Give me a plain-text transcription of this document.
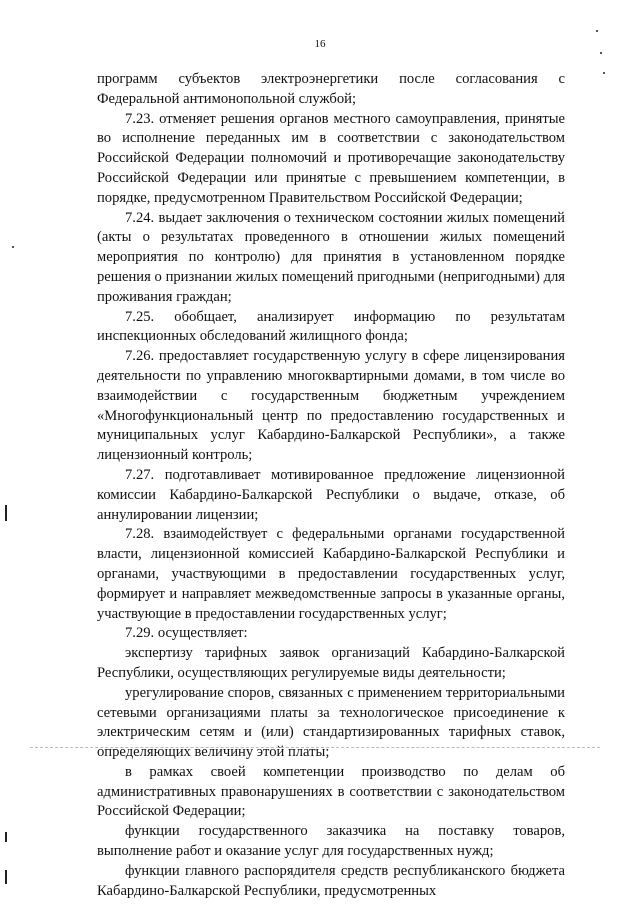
16

программ субъектов электроэнергетики после согласования с Федеральной антимонопольной службой;

7.23. отменяет решения органов местного самоуправления, принятые во исполнение переданных им в соответствии с законодательством Российской Федерации полномочий и противоречащие законодательству Российской Федерации или принятые с превышением компетенции, в порядке, предусмотренном Правительством Российской Федерации;

7.24. выдает заключения о техническом состоянии жилых помещений (акты о результатах проведенного в отношении жилых помещений мероприятия по контролю) для принятия в установленном порядке решения о признании жилых помещений пригодными (непригодными) для проживания граждан;

7.25. обобщает, анализирует информацию по результатам инспекционных обследований жилищного фонда;

7.26. предоставляет государственную услугу в сфере лицензирования деятельности по управлению многоквартирными домами, в том числе во взаимодействии с государственным бюджетным учреждением «Многофункциональный центр по предоставлению государственных и муниципальных услуг Кабардино-Балкарской Республики», а также лицензионный контроль;

7.27. подготавливает мотивированное предложение лицензионной комиссии Кабардино-Балкарской Республики о выдаче, отказе, об аннулировании лицензии;

7.28. взаимодействует с федеральными органами государственной власти, лицензионной комиссией Кабардино-Балкарской Республики и органами, участвующими в предоставлении государственных услуг, формирует и направляет межведомственные запросы в указанные органы, участвующие в предоставлении государственных услуг;

7.29. осуществляет:

экспертизу тарифных заявок организаций Кабардино-Балкарской Республики, осуществляющих регулируемые виды деятельности;

урегулирование споров, связанных с применением территориальными сетевыми организациями платы за технологическое присоединение к электрическим сетям и (или) стандартизированных тарифных ставок, определяющих величину этой платы;

в рамках своей компетенции производство по делам об административных правонарушениях в соответствии с законодательством Российской Федерации;

функции государственного заказчика на поставку товаров, выполнение работ и оказание услуг для государственных нужд;

функции главного распорядителя средств республиканского бюджета Кабардино-Балкарской Республики, предусмотренных
